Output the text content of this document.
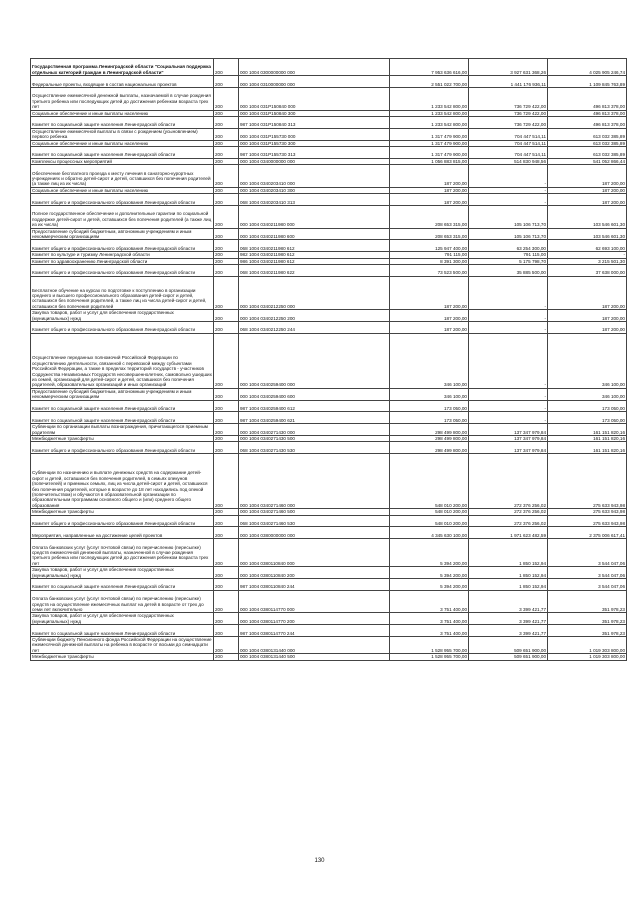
Государственная программа Ленинградской области "Социальная поддержка отдельных категорий граждан в Ленинградской области"	200	000 1004 0300000000 000	7 953 636 616,00	3 927 631 368,26	4 025 905 246,74
Федеральные проекты, входящие в состав национальных проектов	200	000 1004 0310000000 000	2 551 022 700,00	1 441 176 936,11	1 109 845 763,89
Осуществление ежемесячной денежной выплаты, назначаемой в случае рождения третьего ребенка или последующих детей до достижения ребенком возраста трех лет	200	000 1004 031P150840 000	1 233 542 800,00	736 729 422,00	496 813 378,00
Социальное обеспечение и иные выплаты населению	200	000 1004 031P150840 300	1 233 542 800,00	736 729 422,00	496 813 378,00
Комитет по социальной защите населения Ленинградской области	200	987 1004 031P150840 313	1 233 542 800,00	736 729 422,00	496 813 378,00
Осуществление ежемесячной выплаты в связи с рождением (усыновлением) первого ребенка	200	000 1004 031P155730 000	1 317 479 900,00	704 447 514,11	613 032 385,89
Социальное обеспечение и иные выплаты населению	200	000 1004 031P155730 300	1 317 479 900,00	704 447 514,11	613 032 385,89
Комитет по социальной защите населения Ленинградской области	200	987 1004 031P155730 313	1 317 479 900,00	704 447 514,11	613 032 385,89
Комплексы процессных мероприятий	200	000 1004 0340000000 000	1 056 883 815,00	514 830 948,56	541 052 866,44
Обеспечение бесплатного проезда к месту лечения в санаторно-курортных учреждениях и обратно детей-сирот и детей, оставшихся без попечения родителей (а также лиц из их числа)	200	000 1004 0340203410 000	187 200,00	-	187 200,00
Социальное обеспечение и иные выплаты населению	200	000 1004 0340203410 300	187 200,00	-	187 200,00
Комитет общего и профессионального образования Ленинградской области	200	068 1004 0340203410 313	187 200,00	-	187 200,00
Полное государственное обеспечение и дополнительные гарантии по социальной поддержке детей-сирот и детей, оставшихся без попечения родителей (а также лиц из их числа)	200	000 1004 0340211980 000	208 653 315,00	105 106 713,70	103 546 601,30
Предоставление субсидий бюджетным, автономным учреждениям и иным некоммерческим организациям	200	000 1004 0340211980 600	208 653 315,00	105 106 713,70	103 546 601,30
Комитет общего и профессионального образования Ленинградской области	200	068 1004 0340211980 612	125 947 400,00	63 254 300,00	62 693 100,00
Комитет по культуре и туризму Ленинградской области	200	982 1004 0340211980 612	791 115,00	791 115,00	-
Комитет по здравоохранению Ленинградской области	200	986 1004 0340211980 612	8 391 300,00	5 175 798,70	3 215 501,30
Комитет общего и профессионального образования Ленинградской области	200	068 1004 0340211980 622	73 523 500,00	35 885 500,00	37 638 000,00
Бесплатное обучение на курсах по подготовке к поступлению в организации среднего и высшего профессионального образования детей-сирот и детей, оставшихся без попечения родителей, а также лиц из числа детей-сирот и детей, оставшихся без попечения родителей	200	000 1004 0340212250 000	187 200,00	-	187 200,00
Закупка товаров, работ и услуг для обеспечения государственных (муниципальных) нужд	200	000 1004 0340212250 200	187 200,00	-	187 200,00
Комитет общего и профессионального образования Ленинградской области	200	068 1004 0340212250 244	187 200,00	-	187 200,00
Осуществление переданных полномочий Российской Федерации по осуществлению деятельности, связанной с перевозкой между субъектами Российской Федерации, а также в пределах территорий государств - участников Содружества Независимых Государств несовершеннолетних, самовольно ушедших из семей, организаций для детей-сирот и детей, оставшихся без попечения родителей, образовательных организаций и иных организаций	200	000 1004 0340259400 000	346 100,00	-	346 100,00
Предоставление субсидий бюджетным, автономным учреждениям и иным некоммерческим организациям	200	000 1004 0340259400 600	346 100,00	-	346 100,00
Комитет по социальной защите населения Ленинградской области	200	987 1004 0340259400 612	173 050,00	-	173 050,00
Комитет по социальной защите населения Ленинградской области	200	987 1004 0340259400 621	173 050,00	-	173 050,00
Субвенции по организации выплаты вознаграждения, причитающегося приемным родителям	200	000 1004 0340271430 000	298 499 800,00	137 347 979,84	161 151 820,16
Межбюджетные трансферты	200	000 1004 0340271430 500	298 499 800,00	137 347 979,84	161 151 820,16
Комитет общего и профессионального образования Ленинградской области	200	068 1004 0340271430 530	298 499 800,00	137 347 979,84	161 151 820,16
Субвенции по назначению и выплате денежных средств на содержание детей-сирот и детей, оставшихся без попечения родителей, в семьях опекунов (попечителей) и приемных семьях, лиц из числа детей-сирот и детей, оставшихся без попечения родителей, которые в возрасте до 18 лет находились под опекой (попечительством) и обучаются в образовательной организации по образовательным программам основного общего и (или) среднего общего образования	200	000 1004 0340271460 000	548 010 200,00	272 376 256,02	275 633 943,98
Межбюджетные трансферты	200	000 1004 0340271460 500	548 010 200,00	272 376 256,02	275 633 943,98
Комитет общего и профессионального образования Ленинградской области	200	068 1004 0340271460 530	548 010 200,00	272 376 256,02	275 633 943,98
Мероприятия, направленные на достижение целей проектов	200	000 1004 0380000000 000	4 345 630 100,00	1 971 623 482,59	2 375 006 617,41
Оплата банковских услуг (услуг почтовой связи) по перечислению (пересылке) средств ежемесячной денежной выплаты, назначенной в случае рождения третьего ребенка или последующих детей до достижения ребенком возраста трех лет	200	000 1004 0380110840 000	5 394 200,00	1 850 152,94	3 544 047,06
Закупка товаров, работ и услуг для обеспечения государственных (муниципальных) нужд	200	000 1004 0380110840 200	5 394 200,00	1 850 152,94	3 544 047,06
Комитет по социальной защите населения Ленинградской области	200	987 1004 0380110840 244	5 394 200,00	1 850 152,94	3 544 047,06
Оплата банковских услуг (услуг почтовой связи) по перечислению (пересылке) средств на осуществление ежемесячных выплат на детей в возрасте от трех до семи лет включительно	200	000 1004 0380114770 000	3 751 400,00	3 399 421,77	351 978,23
Закупка товаров, работ и услуг для обеспечения государственных (муниципальных) нужд	200	000 1004 0380114770 200	3 751 400,00	3 399 421,77	351 978,23
Комитет по социальной защите населения Ленинградской области	200	987 1004 0380114770 244	3 751 400,00	3 399 421,77	351 978,23
Субвенции бюджету Пенсионного фонда Российской Федерации на осуществление ежемесячной денежной выплаты на ребенка в возрасте от восьми до семнадцати лет	200	000 1004 0380131440 000	1 528 955 700,00	509 651 900,00	1 019 303 800,00
Межбюджетные трансферты	200	000 1004 0380131440 500	1 528 955 700,00	509 651 900,00	1 019 303 800,00
130
